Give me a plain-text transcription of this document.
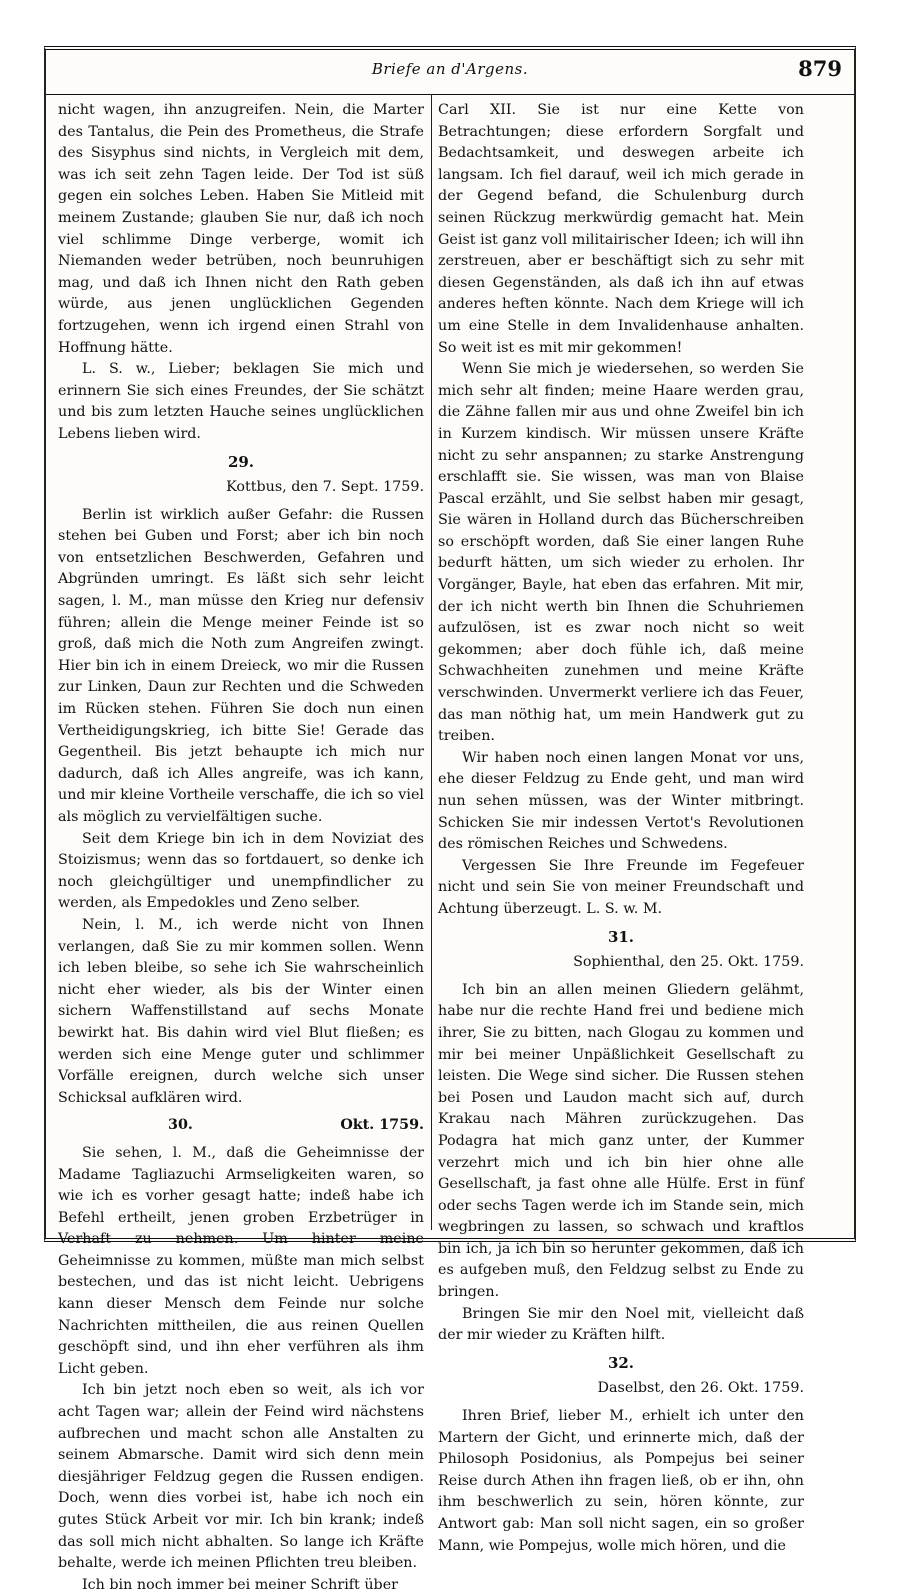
Briefe an d'Argens.	879

nicht wagen, ihn anzugreifen. Nein, die Marter des Tantalus, die Pein des Prometheus, die Strafe des Sisyphus sind nichts, in Vergleich mit dem, was ich seit zehn Tagen leide. Der Tod ist süß gegen ein solches Leben. Haben Sie Mitleid mit meinem Zustande; glauben Sie nur, daß ich noch viel schlimme Dinge verberge, womit ich Niemanden weder betrüben, noch beunruhigen mag, und daß ich Ihnen nicht den Rath geben würde, aus jenen unglücklichen Gegenden fortzugehen, wenn ich irgend einen Strahl von Hoffnung hätte.

L. S. w., Lieber; beklagen Sie mich und erinnern Sie sich eines Freundes, der Sie schätzt und bis zum letzten Hauche seines unglücklichen Lebens lieben wird.

29.
Kottbus, den 7. Sept. 1759.

Berlin ist wirklich außer Gefahr: die Russen stehen bei Guben und Forst; aber ich bin noch von entsetzlichen Beschwerden, Gefahren und Abgründen umringt. Es läßt sich sehr leicht sagen, l. M., man müsse den Krieg nur defensiv führen; allein die Menge meiner Feinde ist so groß, daß mich die Noth zum Angreifen zwingt. Hier bin ich in einem Dreieck, wo mir die Russen zur Linken, Daun zur Rechten und die Schweden im Rücken stehen. Führen Sie doch nun einen Vertheidigungskrieg, ich bitte Sie! Gerade das Gegentheil. Bis jetzt behaupte ich mich nur dadurch, daß ich Alles angreife, was ich kann, und mir kleine Vortheile verschaffe, die ich so viel als möglich zu vervielfältigen suche.

Seit dem Kriege bin ich in dem Noviziat des Stoizismus; wenn das so fortdauert, so denke ich noch gleichgültiger und unempfindlicher zu werden, als Empedokles und Zeno selber.

Nein, l. M., ich werde nicht von Ihnen verlangen, daß Sie zu mir kommen sollen. Wenn ich leben bleibe, so sehe ich Sie wahrscheinlich nicht eher wieder, als bis der Winter einen sichern Waffenstillstand auf sechs Monate bewirkt hat. Bis dahin wird viel Blut fließen; es werden sich eine Menge guter und schlimmer Vorfälle ereignen, durch welche sich unser Schicksal aufklären wird.

30.	Okt. 1759.

Sie sehen, l. M., daß die Geheimnisse der Madame Tagliazuchi Armseligkeiten waren, so wie ich es vorher gesagt hatte; indeß habe ich Befehl ertheilt, jenen groben Erzbetrüger in Verhaft zu nehmen. Um hinter meine Geheimnisse zu kommen, müßte man mich selbst bestechen, und das ist nicht leicht. Uebrigens kann dieser Mensch dem Feinde nur solche Nachrichten mittheilen, die aus reinen Quellen geschöpft sind, und ihn eher verführen als ihm Licht geben.

Ich bin jetzt noch eben so weit, als ich vor acht Tagen war; allein der Feind wird nächstens aufbrechen und macht schon alle Anstalten zu seinem Abmarsche. Damit wird sich denn mein diesjähriger Feldzug gegen die Russen endigen. Doch, wenn dies vorbei ist, habe ich noch ein gutes Stück Arbeit vor mir. Ich bin krank; indeß das soll mich nicht abhalten. So lange ich Kräfte behalte, werde ich meinen Pflichten treu bleiben.

Ich bin noch immer bei meiner Schrift über

Carl XII. Sie ist nur eine Kette von Betrachtungen; diese erfordern Sorgfalt und Bedachtsamkeit, und deswegen arbeite ich langsam. Ich fiel darauf, weil ich mich gerade in der Gegend befand, die Schulenburg durch seinen Rückzug merkwürdig gemacht hat. Mein Geist ist ganz voll militairischer Ideen; ich will ihn zerstreuen, aber er beschäftigt sich zu sehr mit diesen Gegenständen, als daß ich ihn auf etwas anderes heften könnte. Nach dem Kriege will ich um eine Stelle in dem Invalidenhause anhalten. So weit ist es mit mir gekommen!

Wenn Sie mich je wiedersehen, so werden Sie mich sehr alt finden; meine Haare werden grau, die Zähne fallen mir aus und ohne Zweifel bin ich in Kurzem kindisch. Wir müssen unsere Kräfte nicht zu sehr anspannen; zu starke Anstrengung erschlafft sie. Sie wissen, was man von Blaise Pascal erzählt, und Sie selbst haben mir gesagt, Sie wären in Holland durch das Bücherschreiben so erschöpft worden, daß Sie einer langen Ruhe bedurft hätten, um sich wieder zu erholen. Ihr Vorgänger, Bayle, hat eben das erfahren. Mit mir, der ich nicht werth bin Ihnen die Schuhriemen aufzulösen, ist es zwar noch nicht so weit gekommen; aber doch fühle ich, daß meine Schwachheiten zunehmen und meine Kräfte verschwinden. Unvermerkt verliere ich das Feuer, das man nöthig hat, um mein Handwerk gut zu treiben.

Wir haben noch einen langen Monat vor uns, ehe dieser Feldzug zu Ende geht, und man wird nun sehen müssen, was der Winter mitbringt. Schicken Sie mir indessen Vertot's Revolutionen des römischen Reiches und Schwedens.

Vergessen Sie Ihre Freunde im Fegefeuer nicht und sein Sie von meiner Freundschaft und Achtung überzeugt. L. S. w. M.

31.
Sophienthal, den 25. Okt. 1759.

Ich bin an allen meinen Gliedern gelähmt, habe nur die rechte Hand frei und bediene mich ihrer, Sie zu bitten, nach Glogau zu kommen und mir bei meiner Unpäßlichkeit Gesellschaft zu leisten. Die Wege sind sicher. Die Russen stehen bei Posen und Laudon macht sich auf, durch Krakau nach Mähren zurückzugehen. Das Podagra hat mich ganz unter, der Kummer verzehrt mich und ich bin hier ohne alle Gesellschaft, ja fast ohne alle Hülfe. Erst in fünf oder sechs Tagen werde ich im Stande sein, mich wegbringen zu lassen, so schwach und kraftlos bin ich, ja ich bin so herunter gekommen, daß ich es aufgeben muß, den Feldzug selbst zu Ende zu bringen.

Bringen Sie mir den Noel mit, vielleicht daß der mir wieder zu Kräften hilft.

32.
Daselbst, den 26. Okt. 1759.

Ihren Brief, lieber M., erhielt ich unter den Martern der Gicht, und erinnerte mich, daß der Philosoph Posidonius, als Pompejus bei seiner Reise durch Athen ihn fragen ließ, ob er ihn, ohn ihm beschwerlich zu sein, hören könnte, zur Antwort gab: Man soll nicht sagen, ein so großer Mann, wie Pompejus, wolle mich hören, und die
